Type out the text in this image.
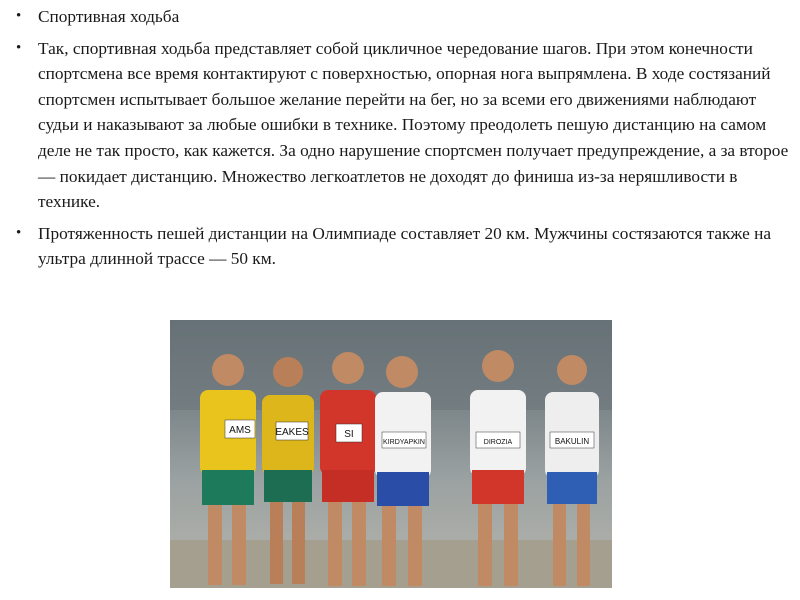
• Спортивная ходьба
• Так, спортивная ходьба представляет собой цикличное чередование шагов. При этом конечности спортсмена все время контактируют с поверхностью, опорная нога выпрямлена. В ходе состязаний спортсмен испытывает большое желание перейти на бег, но за всеми его движениями наблюдают судьи и наказывают за любые ошибки в технике. Поэтому преодолеть пешую дистанцию на самом деле не так просто, как кажется. За одно нарушение спортсмен получает предупреждение, а за второе — покидает дистанцию. Множество легкоатлетов не доходят до финиша из-за неряшливости в технике.
• Протяженность пешей дистанции на Олимпиаде составляет 20 км. Мужчины состязаются также на ультра длинной трассе — 50 км.
AMS EAKES	SI
KIRDYAPKIN	DIROZIA	BAKULIN
